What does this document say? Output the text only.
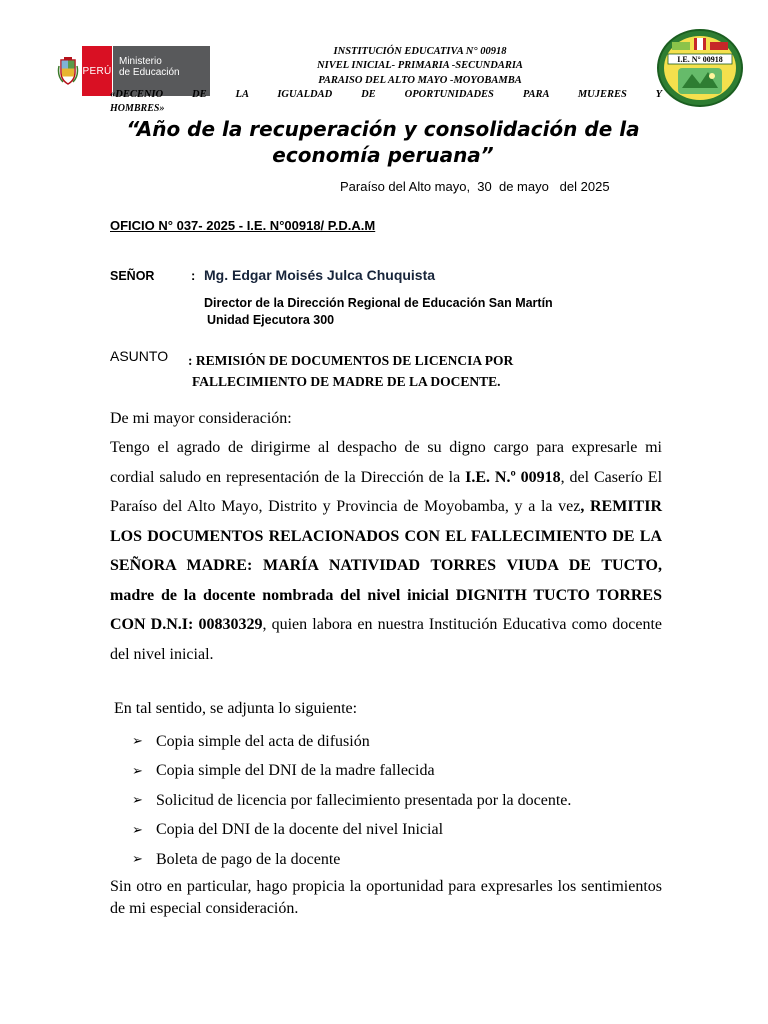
PERÚ
Ministerio
de Educación
INSTITUCIÓN EDUCATIVA N° 00918
NIVEL INICIAL- PRIMARIA -SECUNDARIA
PARAISO DEL ALTO MAYO -MOYOBAMBA
«DECENIO DE LA IGUALDAD DE OPORTUNIDADES PARA MUJERES Y
HOMBRES»
I.E. N° 00918
“Año de la recuperación y consolidación de la economía peruana”
Paraíso del Alto mayo,  30  de mayo   del 2025
OFICIO N° 037- 2025 - I.E. N°00918/ P.D.A.M
SEÑOR	: Mg. Edgar Moisés Julca Chuquista
Director de la Dirección Regional de Educación San Martín
Unidad Ejecutora 300
ASUNTO : REMISIÓN DE DOCUMENTOS DE LICENCIA POR
FALLECIMIENTO DE MADRE DE LA DOCENTE.
De mi mayor consideración:
Tengo el agrado de dirigirme al despacho de su digno cargo para expresarle mi cordial saludo en representación de la Dirección de la I.E. N.º 00918, del Caserío El Paraíso del Alto Mayo, Distrito y Provincia de Moyobamba, y a la vez, REMITIR LOS DOCUMENTOS RELACIONADOS CON EL FALLECIMIENTO DE LA SEÑORA MADRE: MARÍA NATIVIDAD TORRES VIUDA DE TUCTO, madre de la docente nombrada del nivel inicial DIGNITH TUCTO TORRES CON D.N.I: 00830329, quien labora en nuestra Institución Educativa como docente del nivel inicial.
En tal sentido, se adjunta lo siguiente:
➢ Copia simple del acta de difusión
➢ Copia simple del DNI de la madre fallecida
➢ Solicitud de licencia por fallecimiento presentada por la docente.
➢ Copia del DNI de la docente del nivel Inicial
➢ Boleta de pago de la docente
Sin otro en particular, hago propicia la oportunidad para expresarles los sentimientos de mi especial consideración.
